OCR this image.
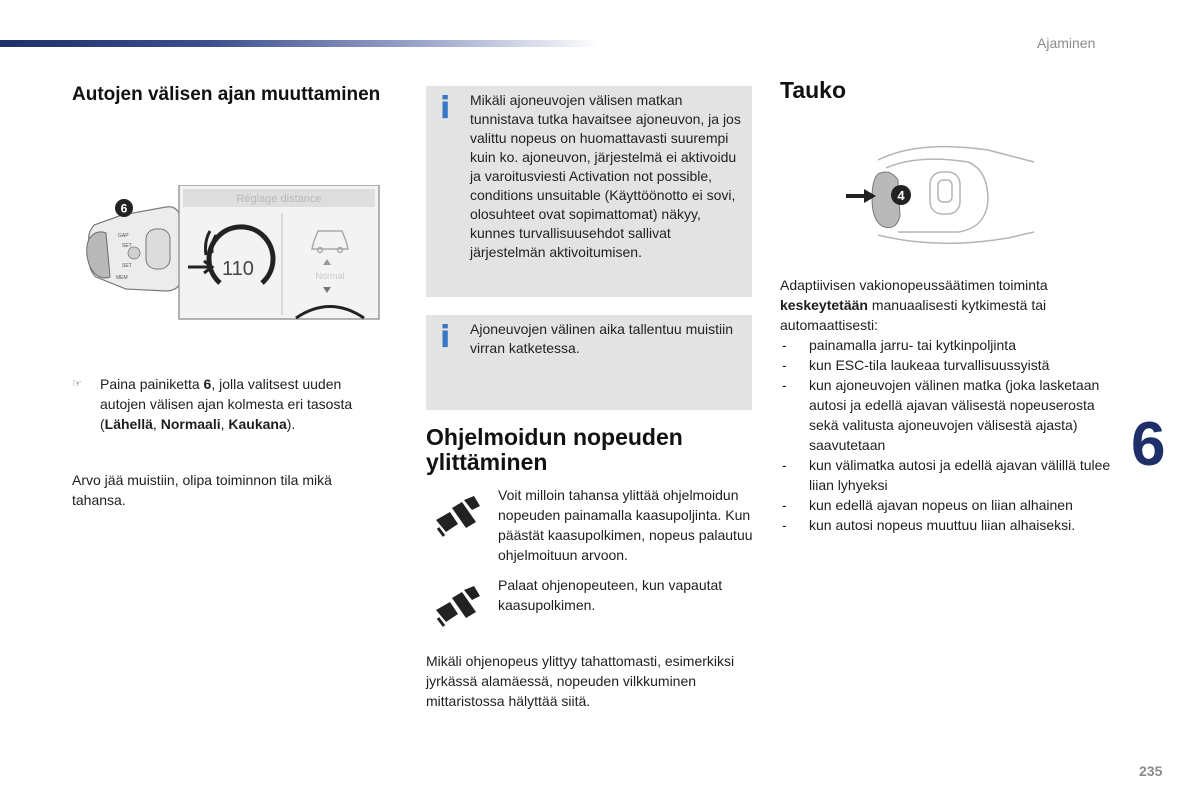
Ajaminen
235
6
Autojen välisen ajan muuttaminen
GAP
SET
SET
MEM
6
Réglage distance
110	Normal
☞	Paina painiketta 6, jolla valitsest uuden autojen välisen ajan kolmesta eri tasosta (Lähellä, Normaali, Kaukana).
Arvo jää muistiin, olipa toiminnon tila mikä tahansa.
i Mikäli ajoneuvojen välisen matkan tunnistava tutka havaitsee ajoneuvon, ja jos valittu nopeus on huomattavasti suurempi kuin ko. ajoneuvon, järjestelmä ei aktivoidu ja varoitusviesti Activation not possible, conditions unsuitable (Käyttöönotto ei sovi, olosuhteet ovat sopimattomat) näkyy, kunnes turvallisuusehdot sallivat järjestelmän aktivoitumisen.
i Ajoneuvojen välinen aika tallentuu muistiin virran katketessa.
Ohjelmoidun nopeuden ylittäminen
Voit milloin tahansa ylittää ohjelmoidun nopeuden painamalla kaasupoljinta. Kun päästät kaasupolkimen, nopeus palautuu ohjelmoituun arvoon.
Palaat ohjenopeuteen, kun vapautat kaasupolkimen.
Mikäli ohjenopeus ylittyy tahattomasti, esimerkiksi jyrkässä alamäessä, nopeuden vilkkuminen mittaristossa hälyttää siitä.
Tauko
4

Adaptiivisen vakionopeussäätimen toiminta keskeytetään manuaalisesti kytkimestä tai automaattisesti:

- painamalla jarru- tai kytkinpoljinta
- kun ESC-tila laukeaa turvallisuussyistä
- kun ajoneuvojen välinen matka (joka lasketaan autosi ja edellä ajavan välisestä nopeuserosta sekä valitusta ajoneuvojen välisestä ajasta) saavutetaan
- kun välimatka autosi ja edellä ajavan välillä tulee liian lyhyeksi
- kun edellä ajavan nopeus on liian alhainen
- kun autosi nopeus muuttuu liian alhaiseksi.
